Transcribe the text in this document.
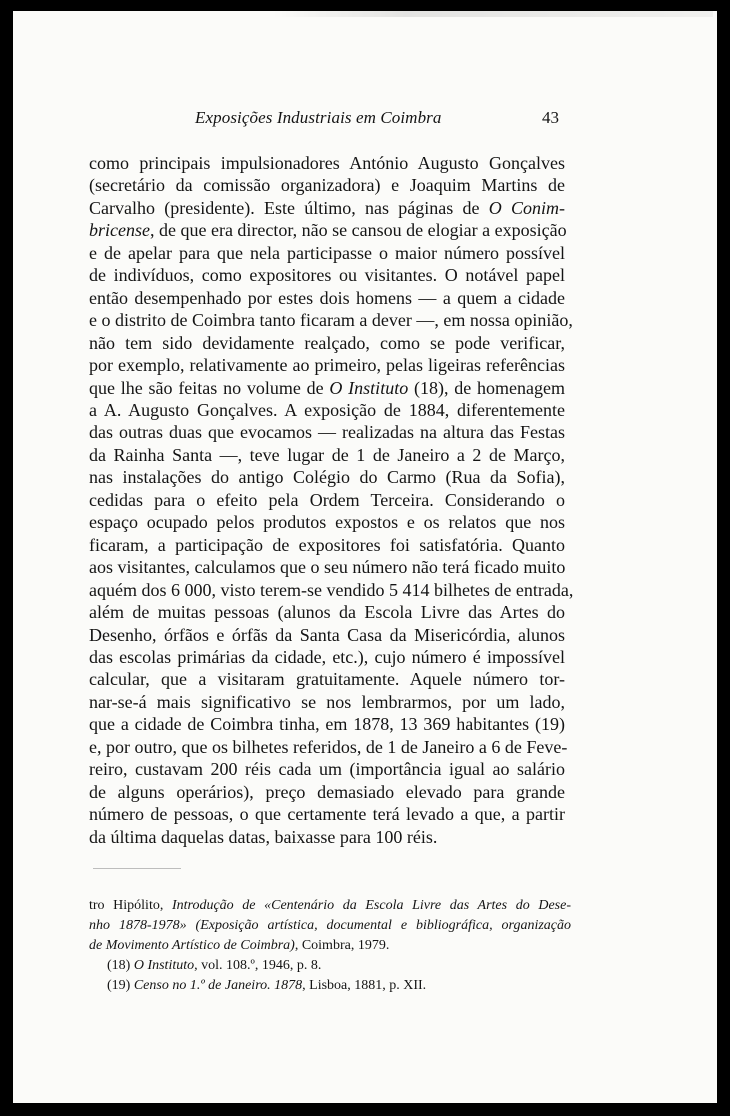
Exposições Industriais em Coimbra	43
como principais impulsionadores António Augusto Gonçalves
(secretário da comissão organizadora) e Joaquim Martins de
Carvalho (presidente). Este último, nas páginas de O Conim-
bricense, de que era director, não se cansou de elogiar a exposição
e de apelar para que nela participasse o maior número possível
de indivíduos, como expositores ou visitantes. O notável papel
então desempenhado por estes dois homens — a quem a cidade
e o distrito de Coimbra tanto ficaram a dever —, em nossa opinião,
não tem sido devidamente realçado, como se pode verificar,
por exemplo, relativamente ao primeiro, pelas ligeiras referências
que lhe são feitas no volume de O Instituto (18), de homenagem
a A. Augusto Gonçalves. A exposição de 1884, diferentemente
das outras duas que evocamos — realizadas na altura das Festas
da Rainha Santa —, teve lugar de 1 de Janeiro a 2 de Março,
nas instalações do antigo Colégio do Carmo (Rua da Sofia),
cedidas para o efeito pela Ordem Terceira. Considerando o
espaço ocupado pelos produtos expostos e os relatos que nos
ficaram, a participação de expositores foi satisfatória. Quanto
aos visitantes, calculamos que o seu número não terá ficado muito
aquém dos 6 000, visto terem-se vendido 5 414 bilhetes de entrada,
além de muitas pessoas (alunos da Escola Livre das Artes do
Desenho, órfãos e órfãs da Santa Casa da Misericórdia, alunos
das escolas primárias da cidade, etc.), cujo número é impossível
calcular, que a visitaram gratuitamente. Aquele número tor-
nar-se-á mais significativo se nos lembrarmos, por um lado,
que a cidade de Coimbra tinha, em 1878, 13 369 habitantes (19)
e, por outro, que os bilhetes referidos, de 1 de Janeiro a 6 de Feve-
reiro, custavam 200 réis cada um (importância igual ao salário
de alguns operários), preço demasiado elevado para grande
número de pessoas, o que certamente terá levado a que, a partir
da última daquelas datas, baixasse para 100 réis.
tro Hipólito, Introdução de «Centenário da Escola Livre das Artes do Dese-
nho 1878-1978» (Exposição artística, documental e bibliográfica, organização
de Movimento Artístico de Coimbra), Coimbra, 1979.
(18) O Instituto, vol. 108.º, 1946, p. 8.
(19) Censo no 1.º de Janeiro. 1878, Lisboa, 1881, p. XII.
